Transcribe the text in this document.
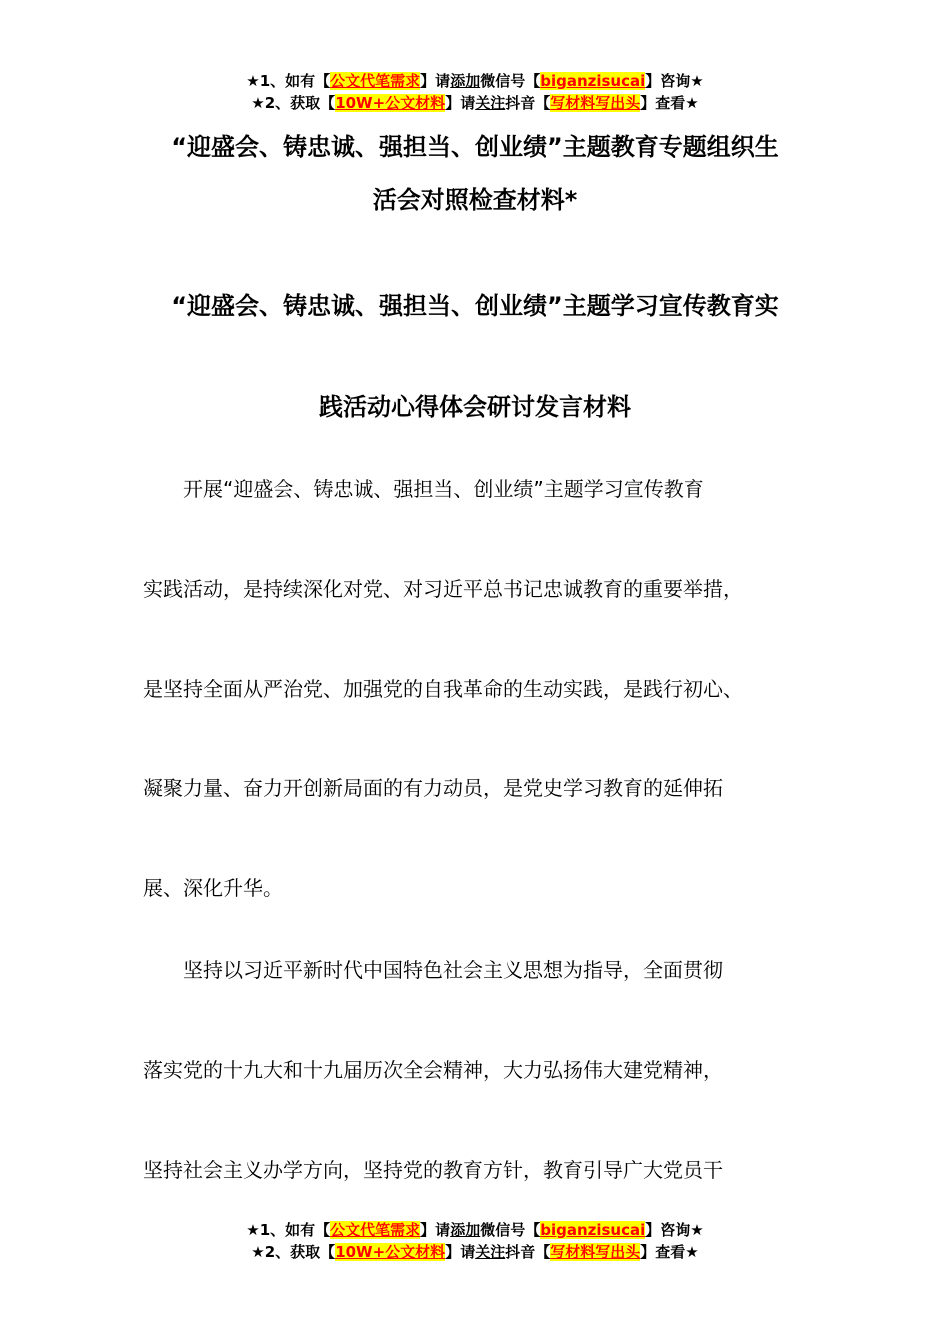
★1、如有【公文代笔需求】请添加微信号【biganzisucai】咨询★
★2、获取【10W+公文材料】请关注抖音【写材料写出头】查看★
“迎盛会、铸忠诚、强担当、创业绩”主题教育专题组织生
活会对照检查材料*
“迎盛会、铸忠诚、强担当、创业绩”主题学习宣传教育实
践活动心得体会研讨发言材料
开展“迎盛会、铸忠诚、强担当、创业绩”主题学习宣传教育
实践活动，是持续深化对党、对习近平总书记忠诚教育的重要举措，
是坚持全面从严治党、加强党的自我革命的生动实践，是践行初心、
凝聚力量、奋力开创新局面的有力动员，是党史学习教育的延伸拓
展、深化升华。
坚持以习近平新时代中国特色社会主义思想为指导，全面贯彻
落实党的十九大和十九届历次全会精神，大力弘扬伟大建党精神，
坚持社会主义办学方向，坚持党的教育方针，教育引导广大党员干
★1、如有【公文代笔需求】请添加微信号【biganzisucai】咨询★
★2、获取【10W+公文材料】请关注抖音【写材料写出头】查看★
